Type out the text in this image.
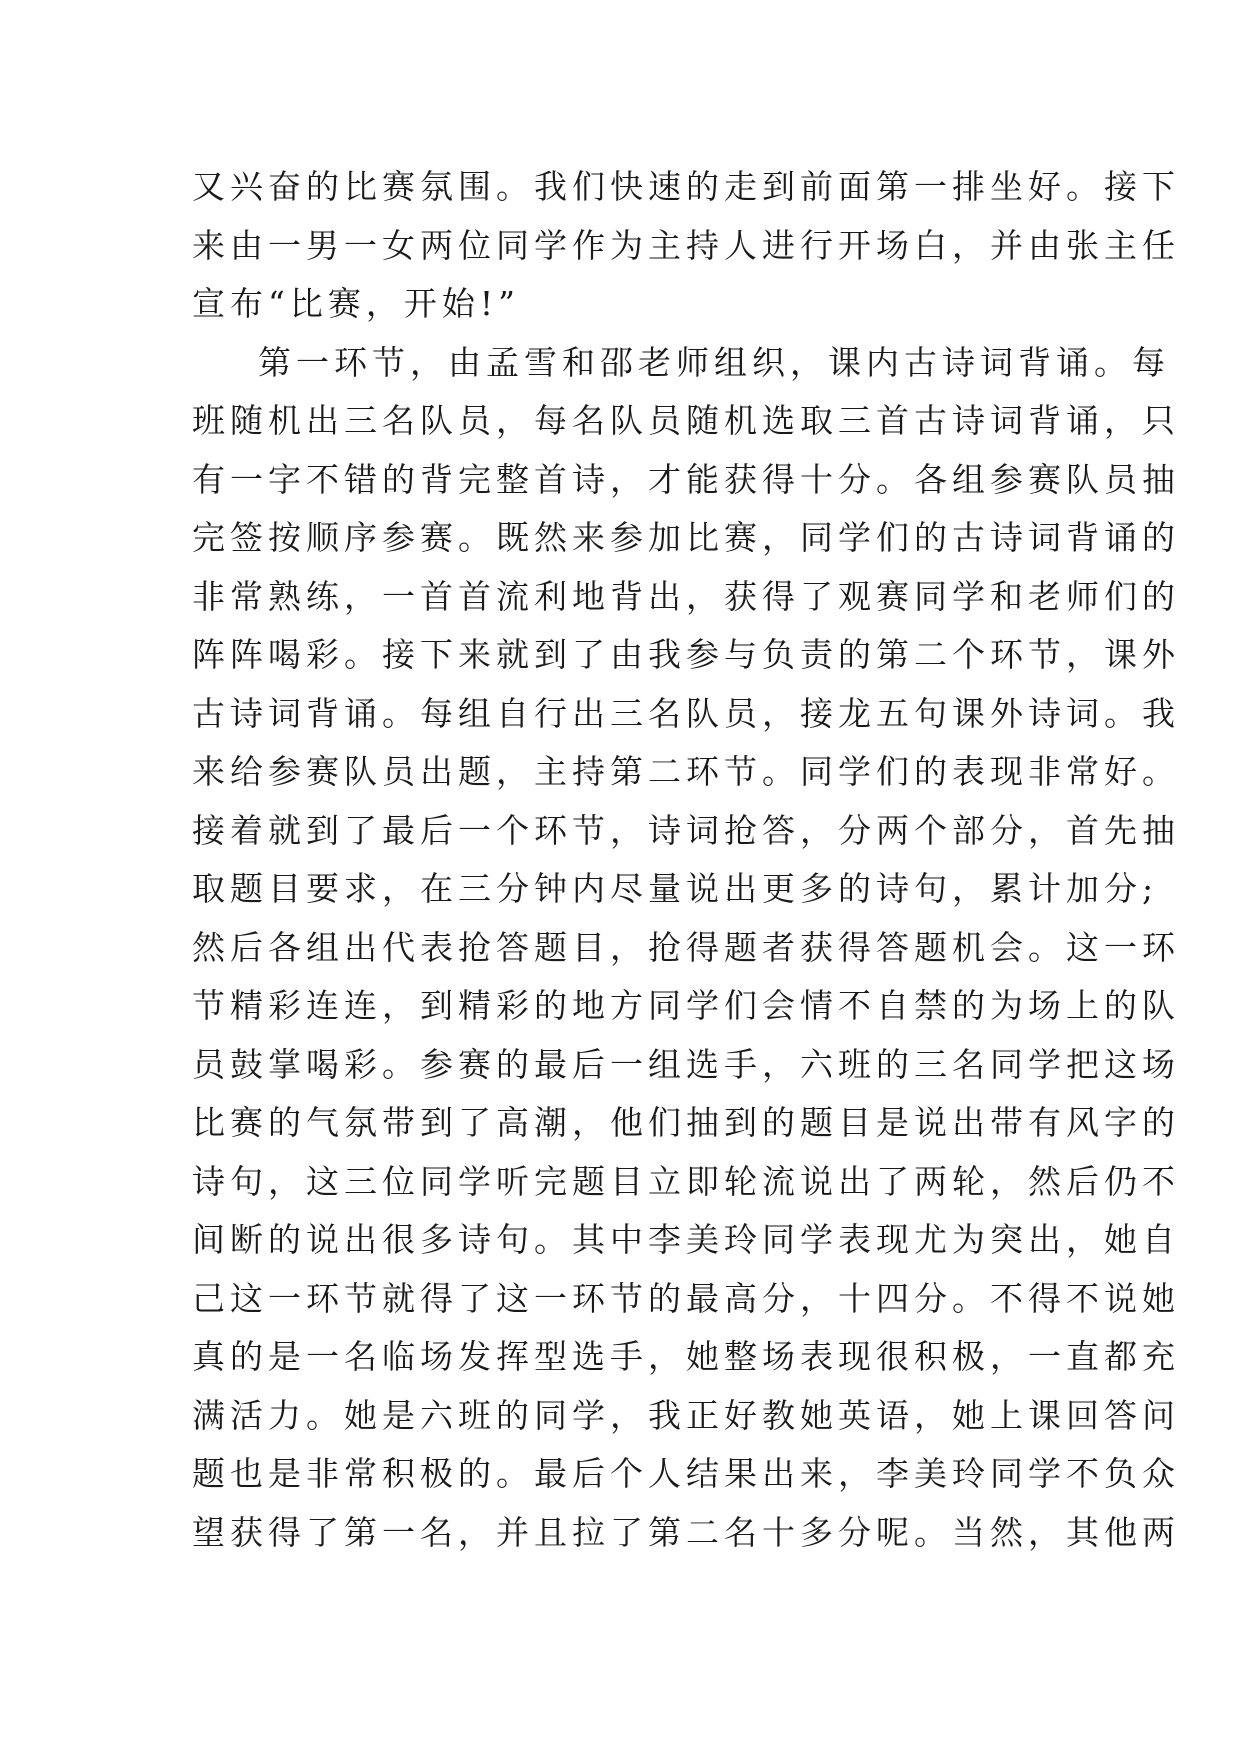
又兴奋的比赛氛围。我们快速的走到前面第一排坐好。接下
来由一男一女两位同学作为主持人进行开场白，并由张主任
宣布“比赛，开始!”
第一环节，由孟雪和邵老师组织，课内古诗词背诵。每
班随机出三名队员，每名队员随机选取三首古诗词背诵，只
有一字不错的背完整首诗，才能获得十分。各组参赛队员抽
完签按顺序参赛。既然来参加比赛，同学们的古诗词背诵的
非常熟练，一首首流利地背出，获得了观赛同学和老师们的
阵阵喝彩。接下来就到了由我参与负责的第二个环节，课外
古诗词背诵。每组自行出三名队员，接龙五句课外诗词。我
来给参赛队员出题，主持第二环节。同学们的表现非常好。
接着就到了最后一个环节，诗词抢答，分两个部分，首先抽
取题目要求，在三分钟内尽量说出更多的诗句，累计加分;
然后各组出代表抢答题目，抢得题者获得答题机会。这一环
节精彩连连，到精彩的地方同学们会情不自禁的为场上的队
员鼓掌喝彩。参赛的最后一组选手，六班的三名同学把这场
比赛的气氛带到了高潮，他们抽到的题目是说出带有风字的
诗句，这三位同学听完题目立即轮流说出了两轮，然后仍不
间断的说出很多诗句。其中李美玲同学表现尤为突出，她自
己这一环节就得了这一环节的最高分，十四分。不得不说她
真的是一名临场发挥型选手，她整场表现很积极，一直都充
满活力。她是六班的同学，我正好教她英语，她上课回答问
题也是非常积极的。最后个人结果出来，李美玲同学不负众
望获得了第一名，并且拉了第二名十多分呢。当然，其他两
